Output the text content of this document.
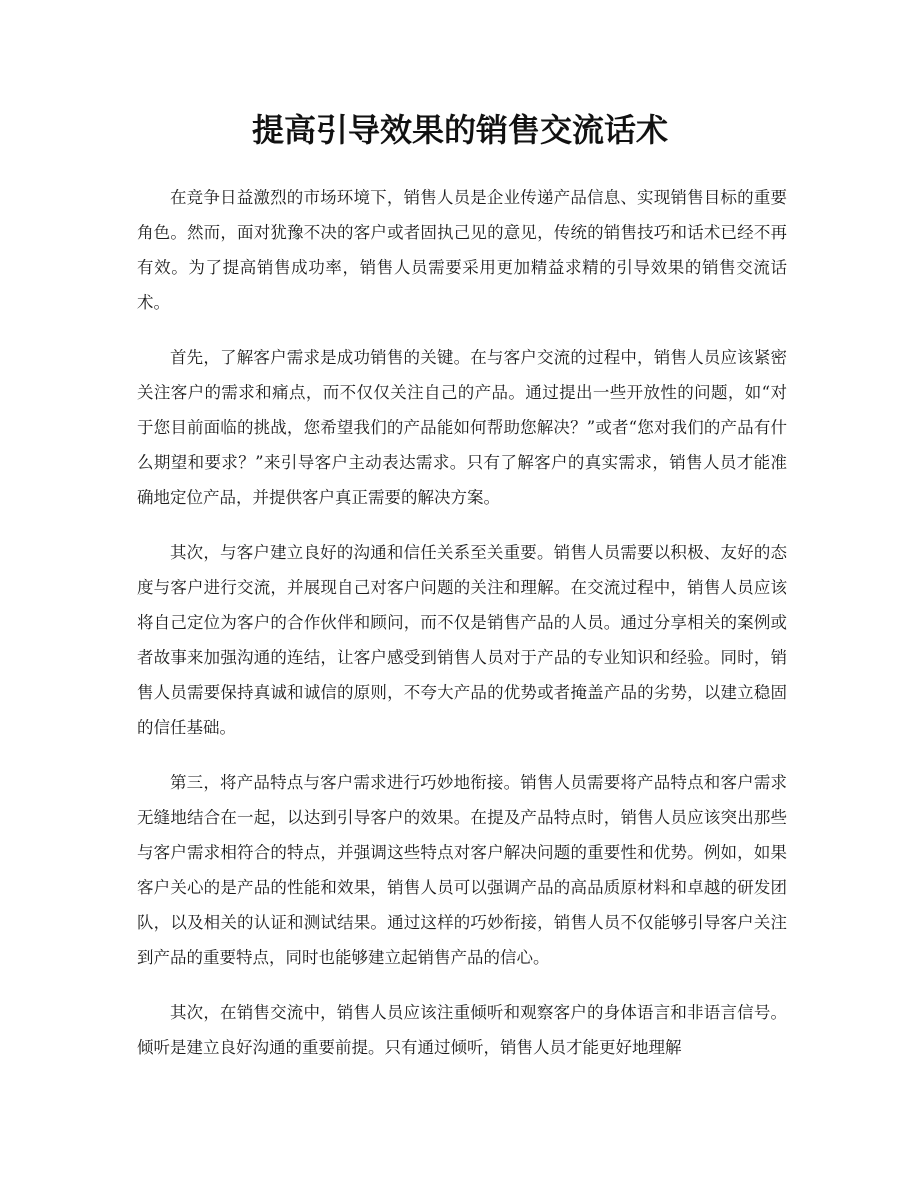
提高引导效果的销售交流话术

在竞争日益激烈的市场环境下，销售人员是企业传递产品信息、实现销售目标的重要角色。然而，面对犹豫不决的客户或者固执己见的意见，传统的销售技巧和话术已经不再有效。为了提高销售成功率，销售人员需要采用更加精益求精的引导效果的销售交流话术。

首先，了解客户需求是成功销售的关键。在与客户交流的过程中，销售人员应该紧密关注客户的需求和痛点，而不仅仅关注自己的产品。通过提出一些开放性的问题，如“对于您目前面临的挑战，您希望我们的产品能如何帮助您解决？”或者“您对我们的产品有什么期望和要求？”来引导客户主动表达需求。只有了解客户的真实需求，销售人员才能准确地定位产品，并提供客户真正需要的解决方案。

其次，与客户建立良好的沟通和信任关系至关重要。销售人员需要以积极、友好的态度与客户进行交流，并展现自己对客户问题的关注和理解。在交流过程中，销售人员应该将自己定位为客户的合作伙伴和顾问，而不仅是销售产品的人员。通过分享相关的案例或者故事来加强沟通的连结，让客户感受到销售人员对于产品的专业知识和经验。同时，销售人员需要保持真诚和诚信的原则，不夸大产品的优势或者掩盖产品的劣势，以建立稳固的信任基础。

第三，将产品特点与客户需求进行巧妙地衔接。销售人员需要将产品特点和客户需求无缝地结合在一起，以达到引导客户的效果。在提及产品特点时，销售人员应该突出那些与客户需求相符合的特点，并强调这些特点对客户解决问题的重要性和优势。例如，如果客户关心的是产品的性能和效果，销售人员可以强调产品的高品质原材料和卓越的研发团队，以及相关的认证和测试结果。通过这样的巧妙衔接，销售人员不仅能够引导客户关注到产品的重要特点，同时也能够建立起销售产品的信心。

其次，在销售交流中，销售人员应该注重倾听和观察客户的身体语言和非语言信号。倾听是建立良好沟通的重要前提。只有通过倾听，销售人员才能更好地理解
